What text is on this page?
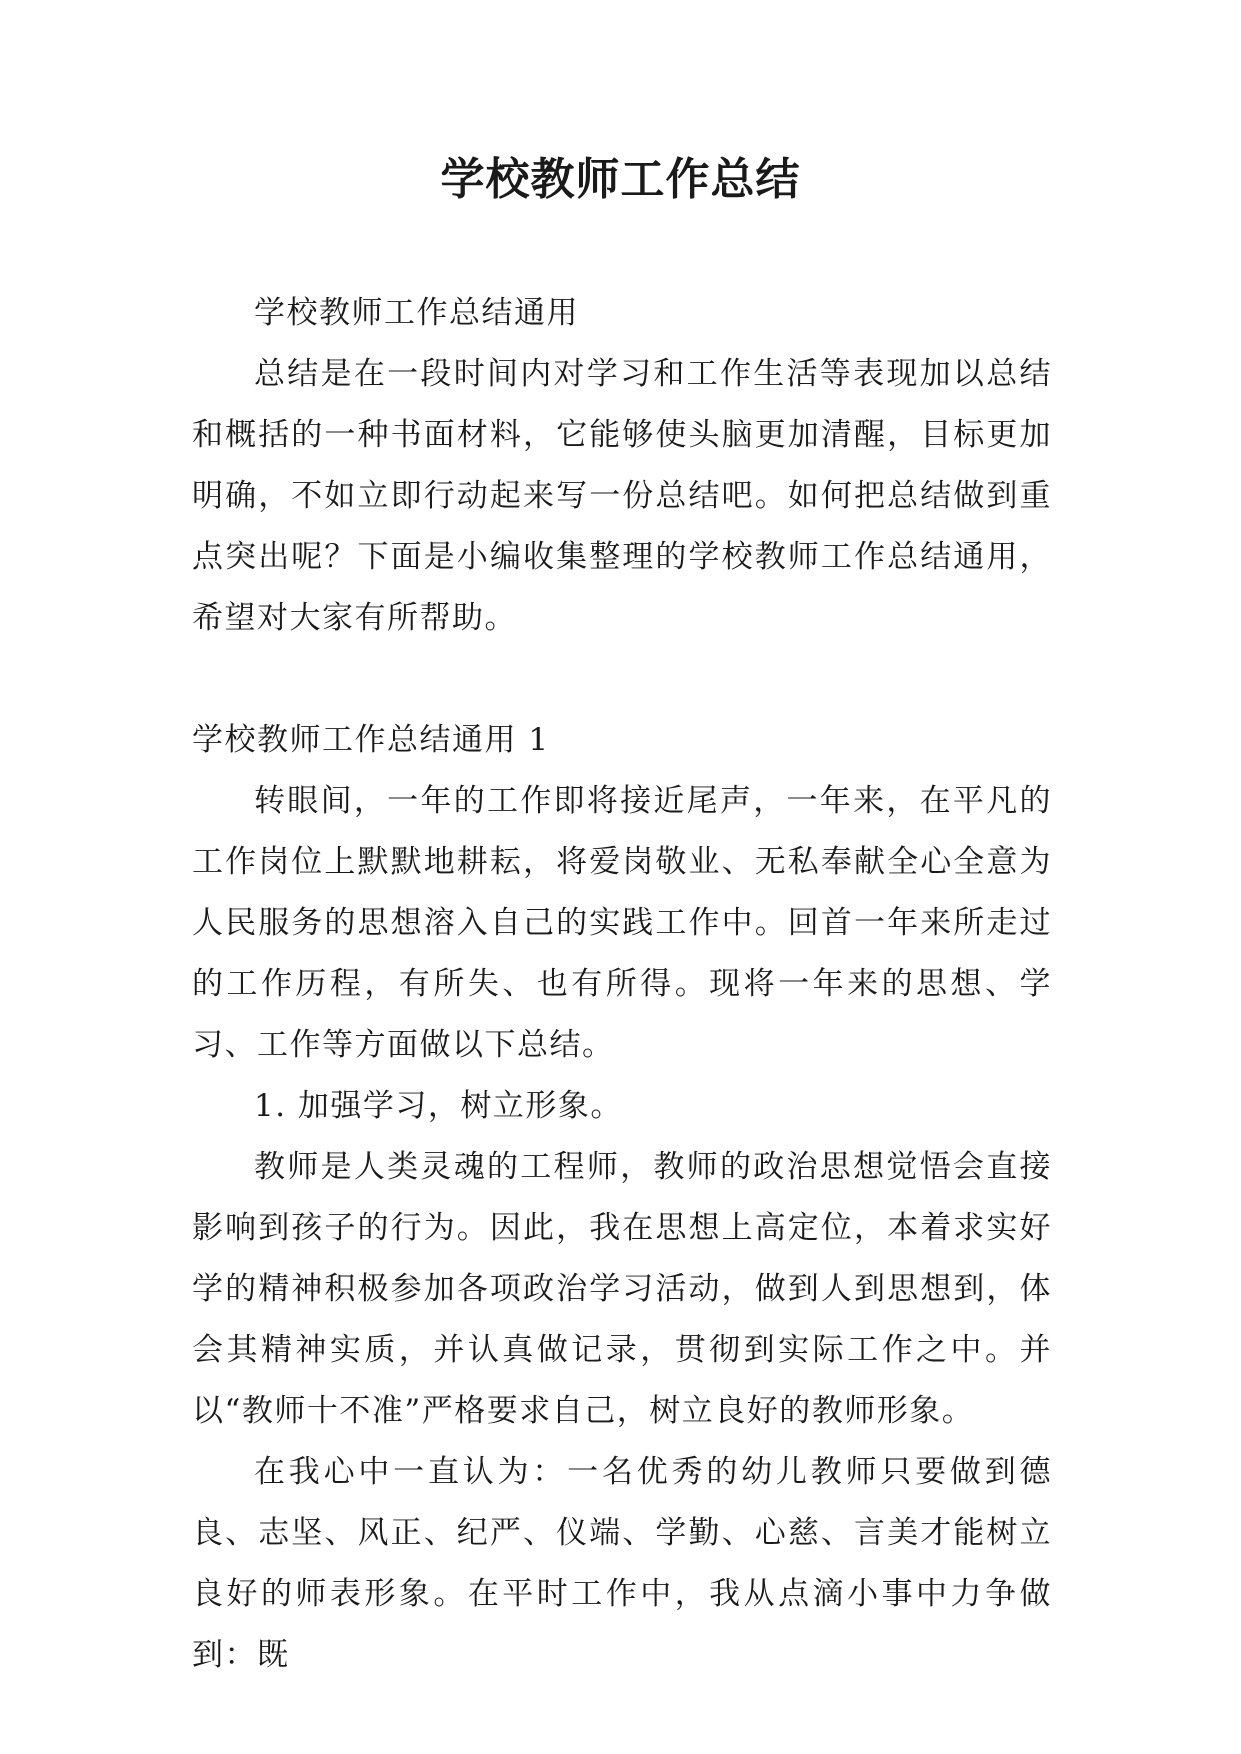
学校教师工作总结

学校教师工作总结通用

总结是在一段时间内对学习和工作生活等表现加以总结和概括的一种书面材料，它能够使头脑更加清醒，目标更加明确，不如立即行动起来写一份总结吧。如何把总结做到重点突出呢？下面是小编收集整理的学校教师工作总结通用，希望对大家有所帮助。

学校教师工作总结通用 1

转眼间，一年的工作即将接近尾声，一年来，在平凡的工作岗位上默默地耕耘，将爱岗敬业、无私奉献全心全意为人民服务的思想溶入自己的实践工作中。回首一年来所走过的工作历程，有所失、也有所得。现将一年来的思想、学习、工作等方面做以下总结。

1. 加强学习，树立形象。

教师是人类灵魂的工程师，教师的政治思想觉悟会直接影响到孩子的行为。因此，我在思想上高定位，本着求实好学的精神积极参加各项政治学习活动，做到人到思想到，体会其精神实质，并认真做记录，贯彻到实际工作之中。并以“教师十不准”严格要求自己，树立良好的教师形象。

在我心中一直认为：一名优秀的幼儿教师只要做到德良、志坚、风正、纪严、仪端、学勤、心慈、言美才能树立良好的师表形象。在平时工作中，我从点滴小事中力争做到：既
